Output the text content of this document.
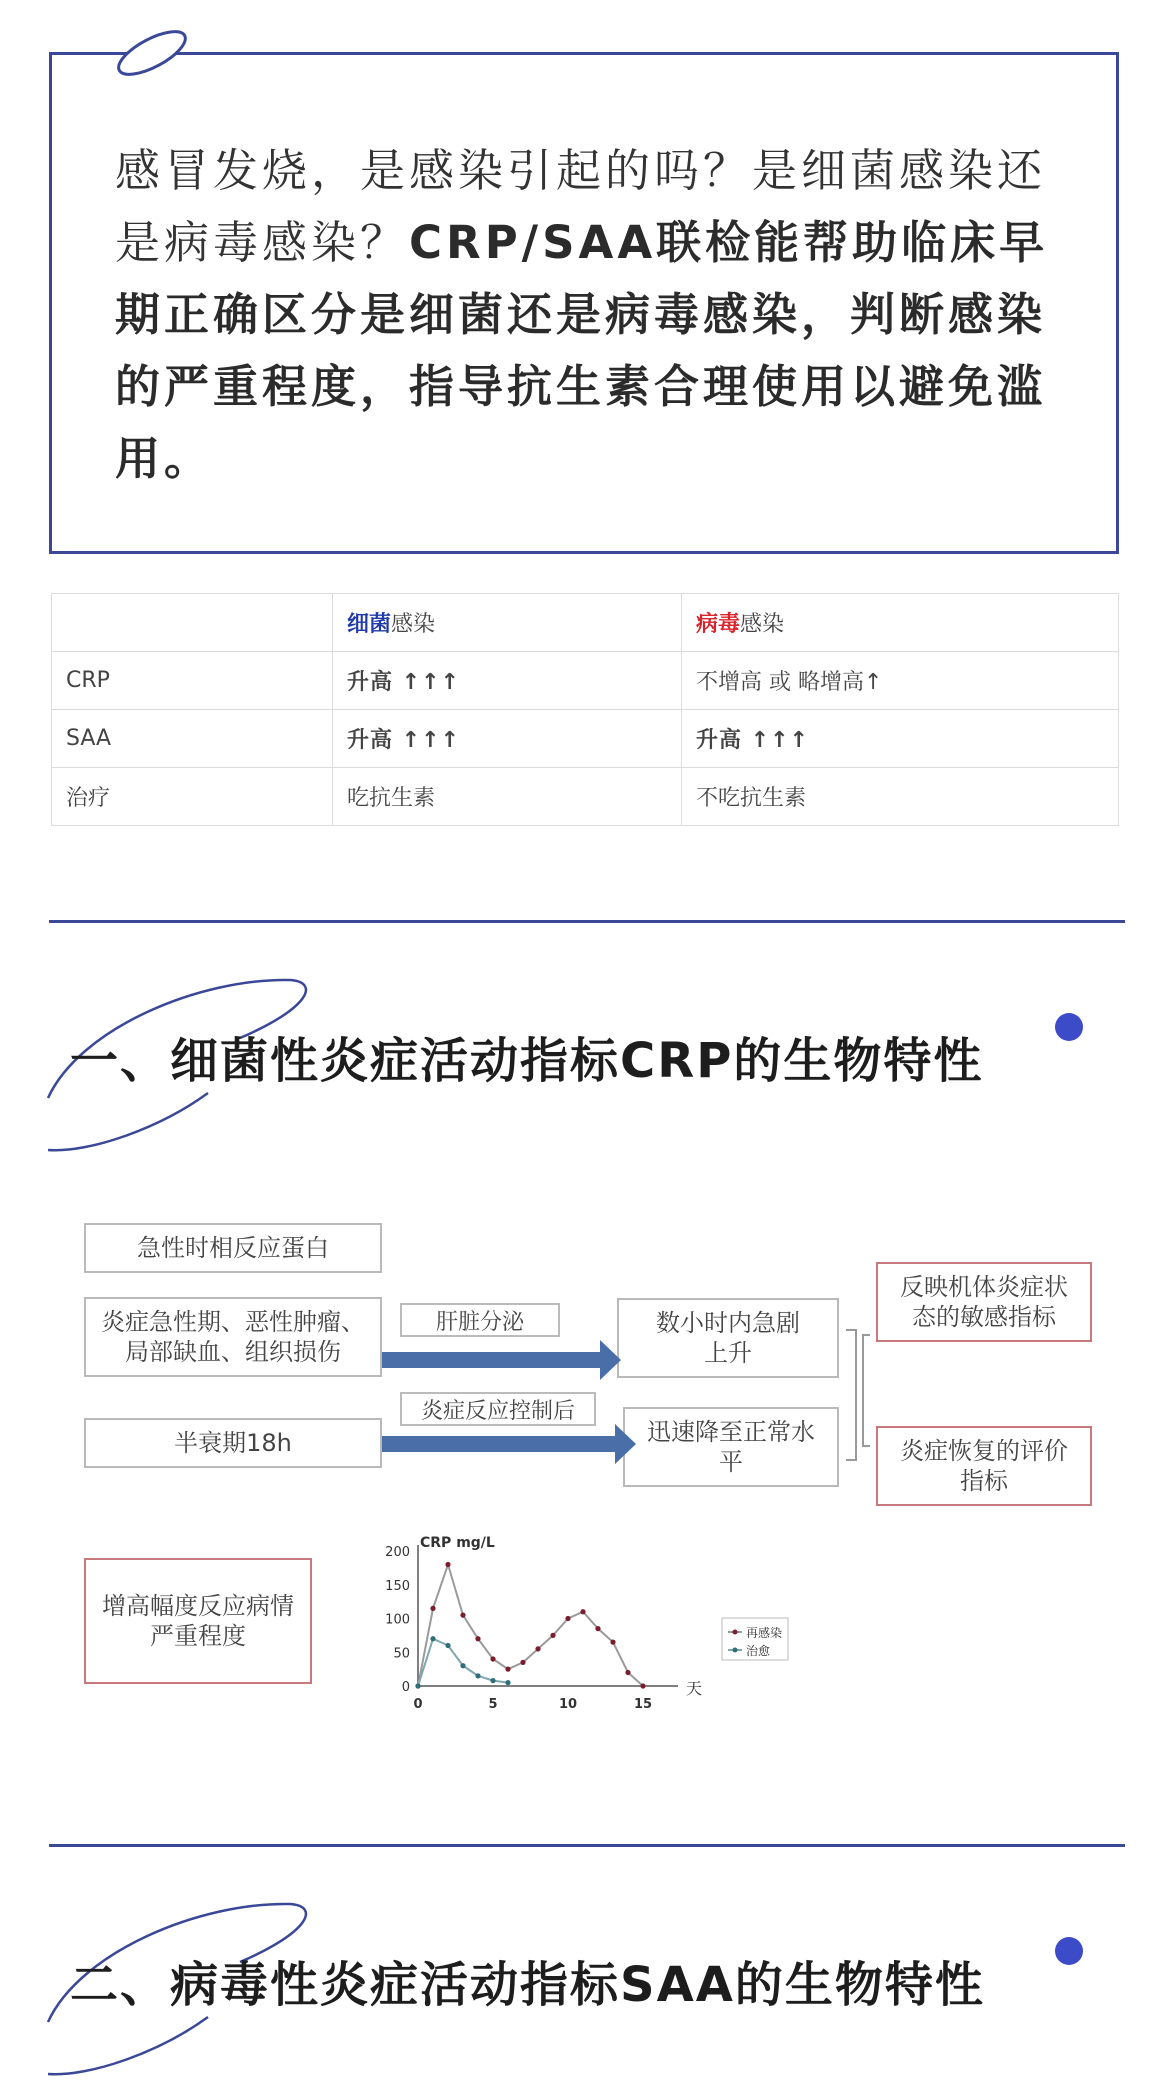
感冒发烧，是感染引起的吗？是细菌感染还是病毒感染？CRP/SAA联检能帮助临床早期正确区分是细菌还是病毒感染，判断感染的严重程度，指导抗生素合理使用以避免滥用。
	细菌感染	病毒感染
CRP	升高 ↑↑↑	不增高 或 略增高↑
SAA	升高 ↑↑↑	升高 ↑↑↑
治疗	吃抗生素	不吃抗生素
一、细菌性炎症活动指标CRP的生物特性
急性时相反应蛋白
炎症急性期、恶性肿瘤、局部缺血、组织损伤
肝脏分泌	数小时内急剧上升
炎症反应控制后
半衰期18h	迅速降至正常水平
反映机体炎症状态的敏感指标
炎症恢复的评价指标
增高幅度反应病情严重程度
0
50
100
150
200
0	5	10	15
CRP mg/L
天
再感染
治愈
二、病毒性炎症活动指标SAA的生物特性
